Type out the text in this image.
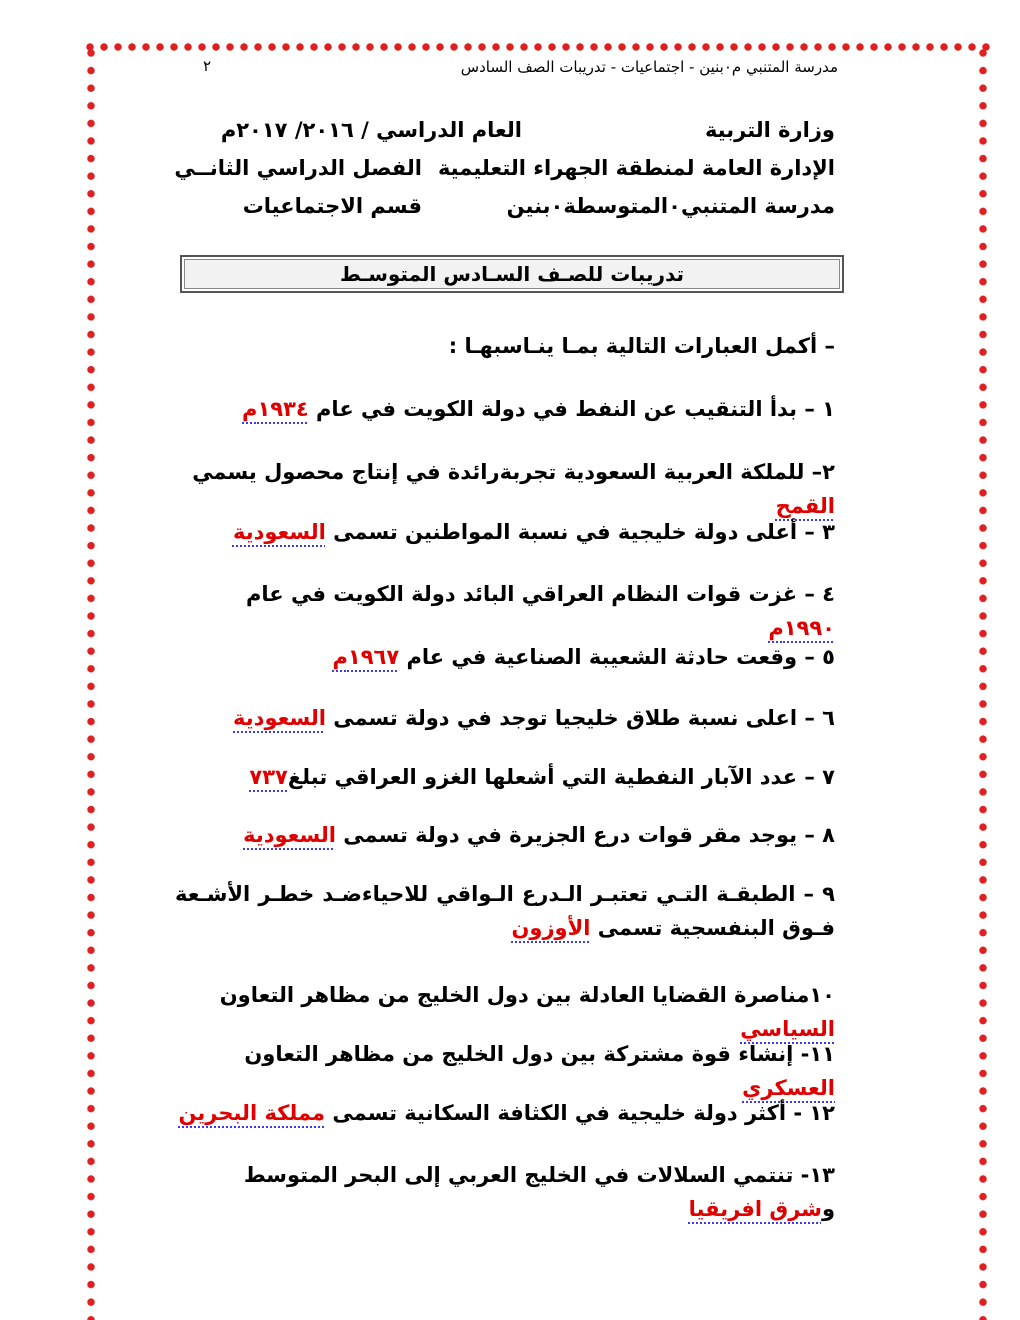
مدرسة المتنبي م٠بنين - اجتماعيات - تدريبات الصف السادس
٢
وزارة التربية
العام الدراسي / ٢٠١٦/ ٢٠١٧م
الإدارة العامة لمنطقة الجهراء التعليمية
الفصل الدراسي الثانــي
مدرسة المتنبي٠المتوسطة٠بنين
قسم الاجتماعيات
تدريبات للصـف السـادس المتوسـط
– أكمل العبارات التالية بمـا ينـاسبهـا :
١ – بدأ التنقيب عن النفط في دولة الكويت في عام ١٩٣٤م
٢– للملكة العربية السعودية تجربةرائدة في إنتاج محصول يسمي القمح
٣ – أعلى دولة خليجية في نسبة المواطنين تسمى السعودية
٤ – غزت قوات النظام العراقي البائد دولة الكويت في عام ١٩٩٠م
٥ – وقعت حادثة الشعيبة الصناعية في عام ١٩٦٧م
٦ – اعلى نسبة طلاق خليجيا توجد في دولة تسمى السعودية
٧ – عدد الآبار النفطية التي أشعلها الغزو العراقي تبلغ٧٣٧
٨ – يوجد مقر قوات درع الجزيرة في دولة تسمى السعودية
٩ – الطبقـة التـي تعتبـر الـدرع الـواقي للاحياءضـد خطـر الأشـعة فـوق البنفسجية تسمى الأوزون
١٠مناصرة القضايا العادلة بين دول الخليج من مظاهر التعاون السياسي
١١- إنشاء قوة مشتركة بين دول الخليج من مظاهر التعاون العسكري
١٢ - أكثر دولة خليجية في الكثافة السكانية تسمى مملكة البحرين
١٣- تنتمي السلالات في الخليج العربي إلى البحر المتوسط وشرق افريقيا
